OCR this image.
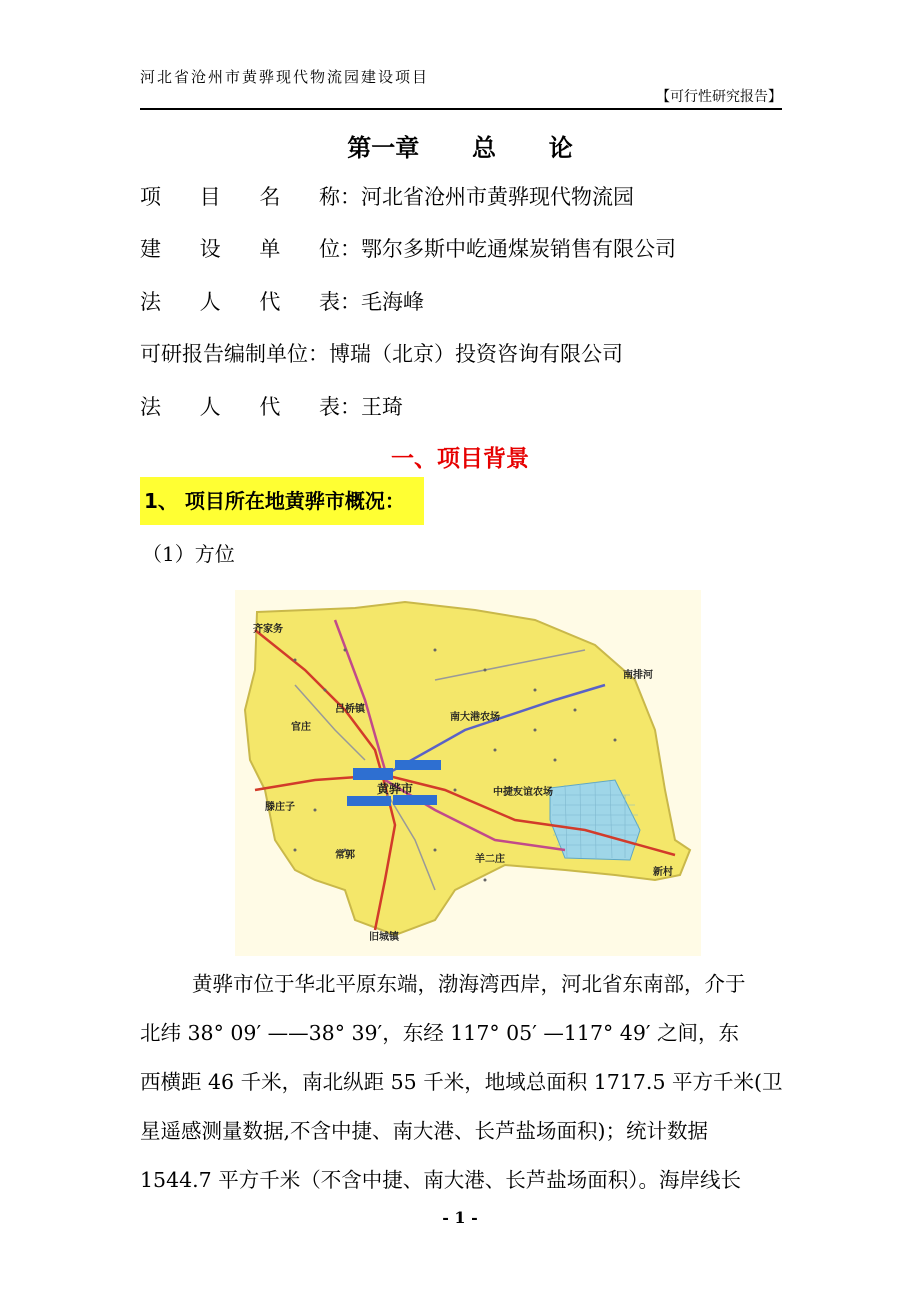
河北省沧州市黄骅现代物流园建设项目
【可行性研究报告】
第一章 总 论
项 目 名 称 ：河北省沧州市黄骅现代物流园
建 设 单 位 ：鄂尔多斯中屹通煤炭销售有限公司
法 人 代 表 ：毛海峰
可研报告编制单位：博瑞（北京）投资咨询有限公司
法 人 代 表 ：王琦
一、项目背景
1、 项目所在地黄骅市概况：
（1）方位
黄骅市
齐家务
吕桥镇
官庄
滕庄子
常郭
旧城镇
羊二庄
南大港农场
中捷友谊农场
南排河
新村

黄骅市位于华北平原东端，渤海湾西岸，河北省东南部，介于

北纬 38° 09′ ——38° 39′，东经 117° 05′ —117° 49′ 之间，东

西横距 46 千米，南北纵距 55 千米，地域总面积 1717.5 平方千米(卫

星遥感测量数据,不含中捷、南大港、长芦盐场面积)；统计数据

1544.7 平方千米（不含中捷、南大港、长芦盐场面积）。海岸线长

- 1 -
